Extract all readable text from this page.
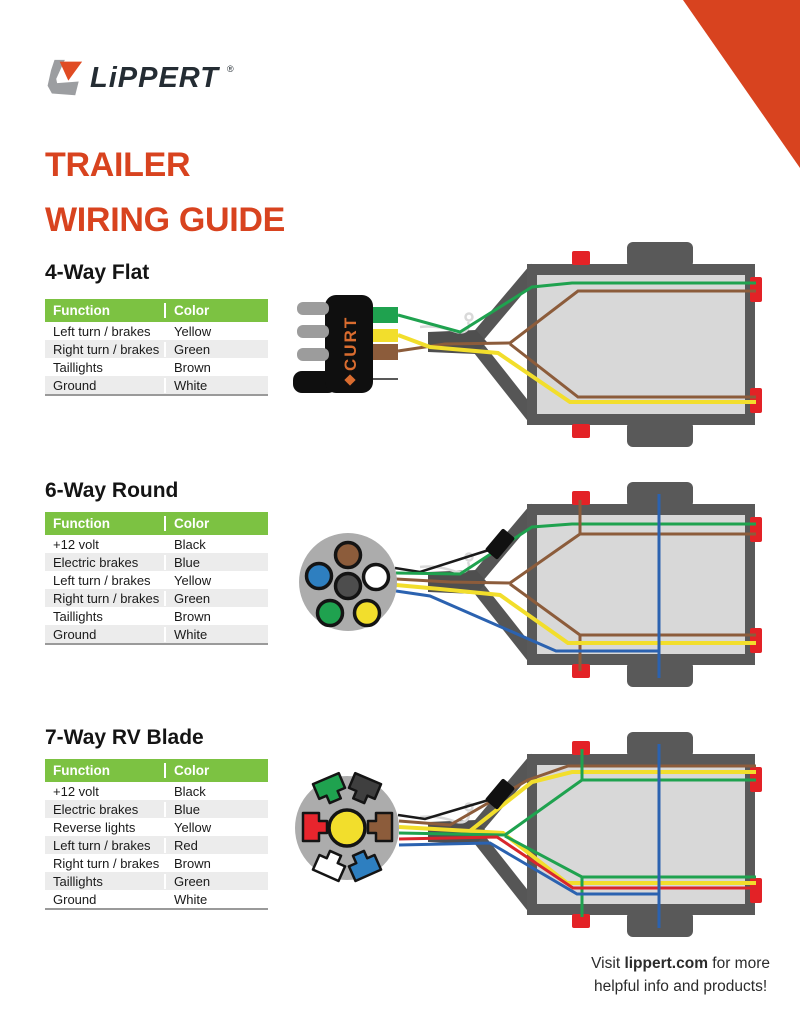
LiPPERT ®
TRAILER
WIRING GUIDE
4-Way Flat
6-Way Round
7-Way RV Blade
Function	Color
Left turn / brakes	Yellow
Right turn / brakes	Green
Taillights	Brown
Ground	White
Function	Color
+12 volt	Black
Electric brakes	Blue
Left turn / brakes	Yellow
Right turn / brakes	Green
Taillights	Brown
Ground	White
Function	Color
+12 volt	Black
Electric brakes	Blue
Reverse lights	Yellow
Left turn / brakes	Red
Right turn / brakes	Brown
Taillights	Green
Ground	White
CURT
Visit lippert.com for more
helpful info and products!
